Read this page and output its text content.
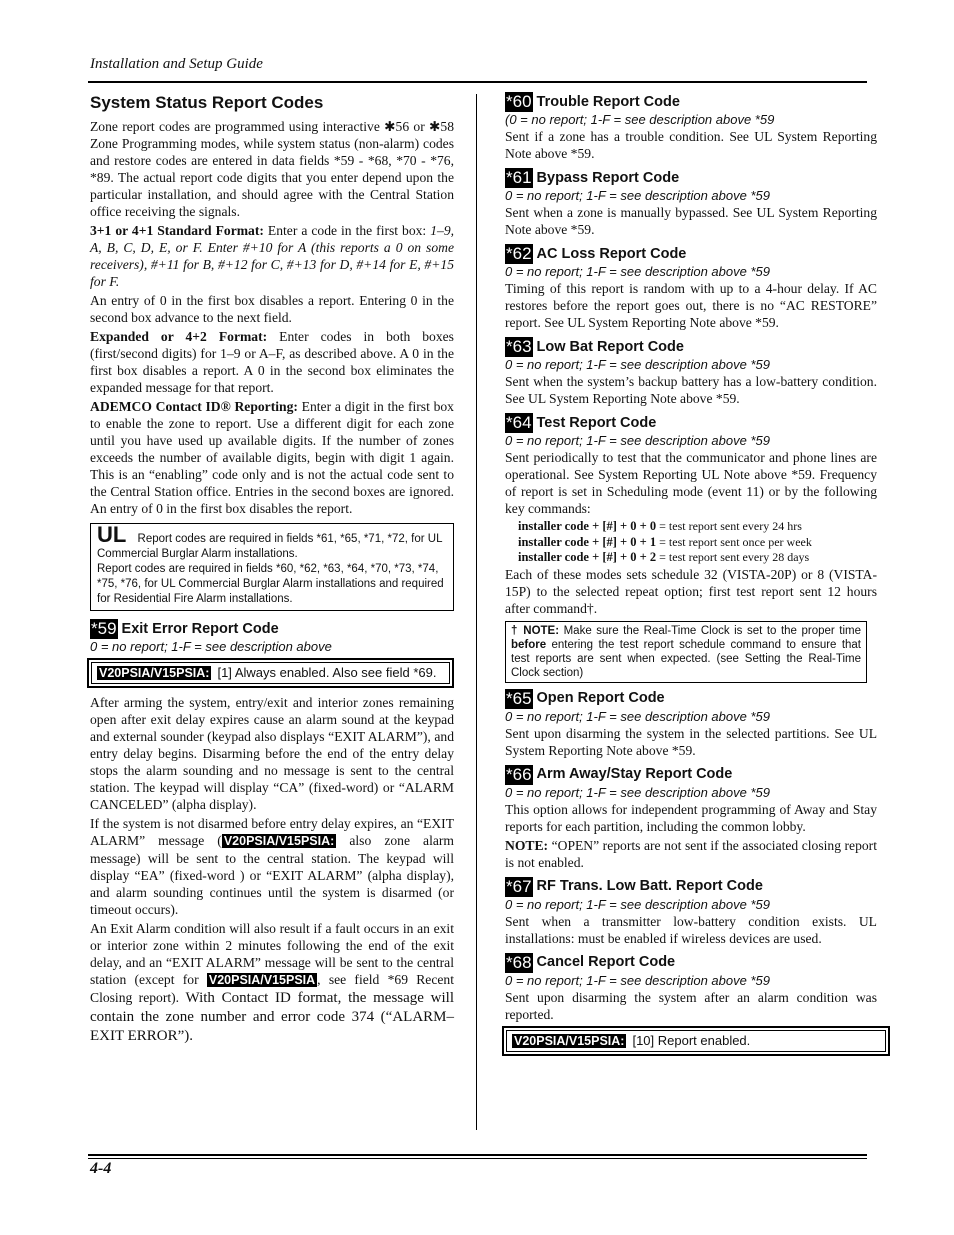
Installation and Setup Guide
System Status Report Codes

Zone report codes are programmed using interactive ✱56 or ✱58 Zone Programming modes, while system status (non-alarm) codes and restore codes are entered in data fields *59 - *68, *70 - *76, *89. The actual report code digits that you enter depend upon the particular installation, and should agree with the Central Station office receiving the signals.

3+1 or 4+1 Standard Format: Enter a code in the first box: 1–9, A, B, C, D, E, or F. Enter #+10 for A (this reports a 0 on some receivers), #+11 for B, #+12 for C, #+13 for D, #+14 for E, #+15 for F.

An entry of 0 in the first box disables a report. Entering 0 in the second box advance to the next field.

Expanded or 4+2 Format: Enter codes in both boxes (first/second digits) for 1–9 or A–F, as described above. A 0 in the first box disables a report. A 0 in the second box eliminates the expanded message for that report.

ADEMCO Contact ID® Reporting: Enter a digit in the first box to enable the zone to report. Use a different digit for each zone until you have used up available digits. If the number of zones exceeds the number of available digits, begin with digit 1 again. This is an “enabling” code only and is not the actual code sent to the Central Station office. Entries in the second boxes are ignored. An entry of 0 in the first box disables the report.

UL Report codes are required in fields *61, *65, *71, *72, for UL Commercial Burglar Alarm installations.
Report codes are required in fields *60, *62, *63, *64, *70, *73, *74, *75, *76, for UL Commercial Burglar Alarm installations and required for Residential Fire Alarm installations.
*59 Exit Error Report Code
0 = no report; 1-F = see description above
V20PSIA/V15PSIA: [1] Always enabled. Also see field *69.

After arming the system, entry/exit and interior zones remaining open after exit delay expires cause an alarm sound at the keypad and external sounder (keypad also displays “EXIT ALARM”), and entry delay begins. Disarming before the end of the entry delay stops the alarm sounding and no message is sent to the central station. The keypad will display “CA” (fixed-word) or “ALARM CANCELED” (alpha display).

If the system is not disarmed before entry delay expires, an “EXIT ALARM” message ( V20PSIA/V15PSIA: also zone alarm message) will be sent to the central station. The keypad will display “EA” (fixed-word ) or “EXIT ALARM” (alpha display), and alarm sounding continues until the system is disarmed (or timeout occurs).

An Exit Alarm condition will also result if a fault occurs in an exit or interior zone within 2 minutes following the end of the exit delay, and an “EXIT ALARM” message will be sent to the central station (except for V20PSIA/V15PSIA , see field *69 Recent Closing report). With Contact ID format, the message will contain the zone number and error code 374 (“ALARM–EXIT ERROR”).

*60 Trouble Report Code
(0 = no report; 1-F = see description above *59

Sent if a zone has a trouble condition. See UL System Reporting Note above *59.

*61 Bypass Report Code
0 = no report; 1-F = see description above *59

Sent when a zone is manually bypassed. See UL System Reporting Note above *59.

*62 AC Loss Report Code
0 = no report; 1-F = see description above *59

Timing of this report is random with up to a 4-hour delay. If AC restores before the report goes out, there is no “AC RESTORE” report. See UL System Reporting Note above *59.

*63 Low Bat Report Code
0 = no report; 1-F = see description above *59

Sent when the system’s backup battery has a low-battery condition. See UL System Reporting Note above *59.

*64 Test Report Code
0 = no report; 1-F = see description above *59

Sent periodically to test that the communicator and phone lines are operational. See System Reporting UL Note above *59. Frequency of report is set in Scheduling mode (event 11) or by the following key commands:

installer code + [#] + 0 + 0 = test report sent every 24 hrs
installer code + [#] + 0 + 1 = test report sent once per week
installer code + [#] + 0 + 2 = test report sent every 28 days

Each of these modes sets schedule 32 (VISTA-20P) or 8 (VISTA-15P) to the selected repeat option; first test report sent 12 hours after command†.

† NOTE: Make sure the Real-Time Clock is set to the proper time before entering the test report schedule command to ensure that test reports are sent when expected. (see Setting the Real-Time Clock section)
*65 Open Report Code
0 = no report; 1-F = see description above *59

Sent upon disarming the system in the selected partitions. See UL System Reporting Note above *59.

*66 Arm Away/Stay Report Code
0 = no report; 1-F = see description above *59

This option allows for independent programming of Away and Stay reports for each partition, including the common lobby.

NOTE: “OPEN” reports are not sent if the associated closing report is not enabled.

*67 RF Trans. Low Batt. Report Code
0 = no report; 1-F = see description above *59

Sent when a transmitter low-battery condition exists. UL installations: must be enabled if wireless devices are used.

*68 Cancel Report Code
0 = no report; 1-F = see description above *59

Sent upon disarming the system after an alarm condition was reported.

V20PSIA/V15PSIA: [10] Report enabled.
4-4
